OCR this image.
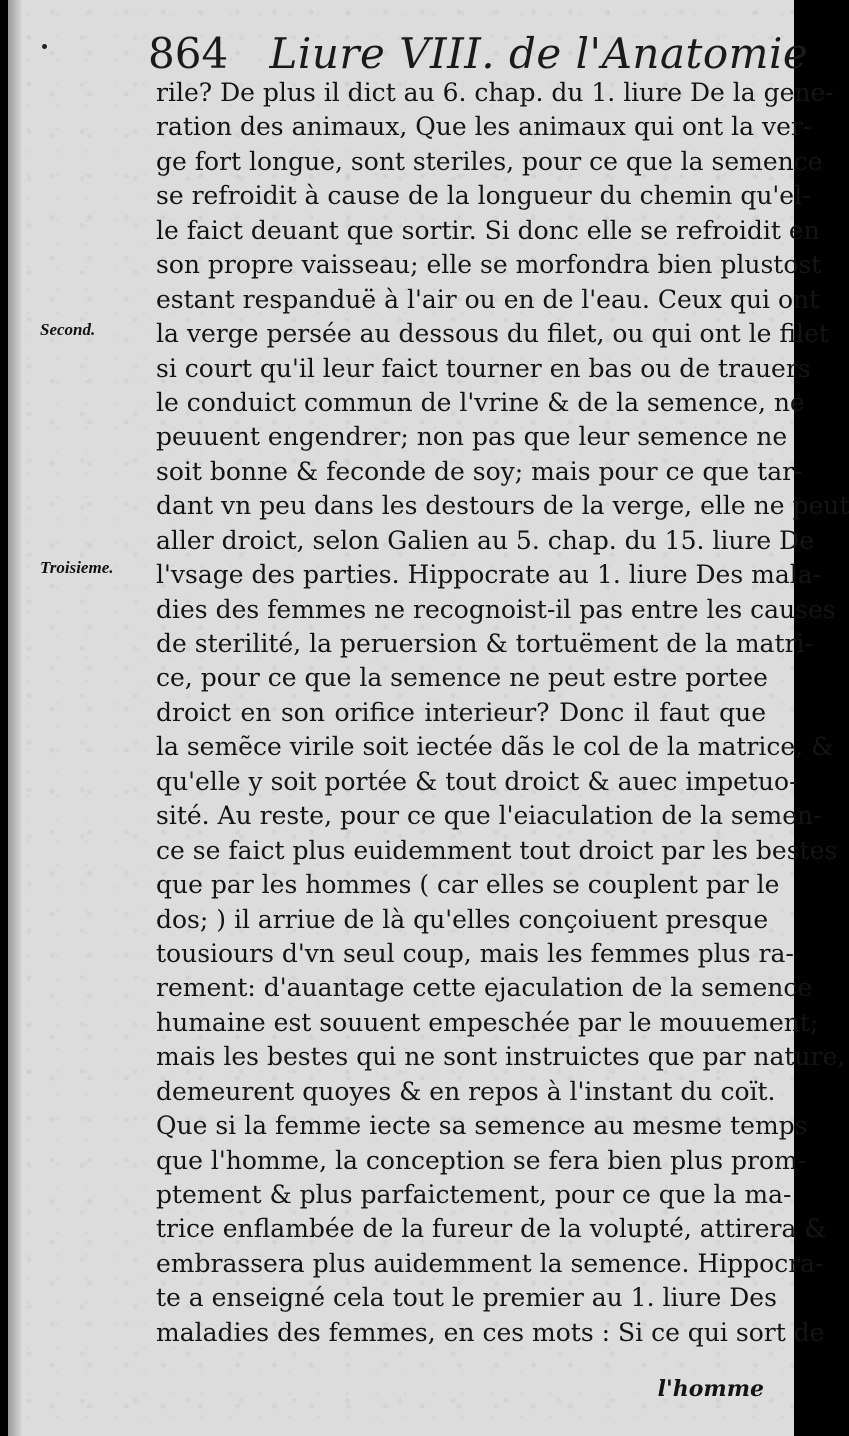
864 Liure VIII. de l'Anatomie
Second.
Troisieme.
rile? De plus il dict au 6. chap. du 1. liure De la gene-
ration des animaux, Que les animaux qui ont la ver-
ge fort longue, sont steriles, pour ce que la semence
se refroidit à cause de la longueur du chemin qu'el-
le faict deuant que sortir. Si donc elle se refroidit en
son propre vaisseau; elle se morfondra bien plustost
estant respanduë à l'air ou en de l'eau. Ceux qui ont
la verge persée au dessous du filet, ou qui ont le filet
si court qu'il leur faict tourner en bas ou de trauers
le conduict commun de l'vrine & de la semence, ne
peuuent engendrer; non pas que leur semence ne
soit bonne & feconde de soy; mais pour ce que tar-
dant vn peu dans les destours de la verge, elle ne peut
aller droict, selon Galien au 5. chap. du 15. liure De
l'vsage des parties. Hippocrate au 1. liure Des mala-
dies des femmes ne recognoist-il pas entre les causes
de sterilité, la peruersion & tortuëment de la matri-
ce, pour ce que la semence ne peut estre portee
droict en son orifice interieur? Donc il faut que
la semẽce virile soit iectée dãs le col de la matrice, &
qu'elle y soit portée & tout droict & auec impetuo-
sité. Au reste, pour ce que l'eiaculation de la semen-
ce se faict plus euidemment tout droict par les bestes
que par les hommes ( car elles se couplent par le
dos; ) il arriue de là qu'elles conçoiuent presque
tousiours d'vn seul coup, mais les femmes plus ra-
rement: d'auantage cette ejaculation de la semence
humaine est souuent empeschée par le mouuement;
mais les bestes qui ne sont instruictes que par nature,
demeurent quoyes & en repos à l'instant du coït.
Que si la femme iecte sa semence au mesme temps
que l'homme, la conception se fera bien plus prom-
ptement & plus parfaictement, pour ce que la ma-
trice enflambée de la fureur de la volupté, attirera &
embrassera plus auidemment la semence. Hippocra-
te a enseigné cela tout le premier au 1. liure Des
maladies des femmes, en ces mots : Si ce qui sort de
l'homme
